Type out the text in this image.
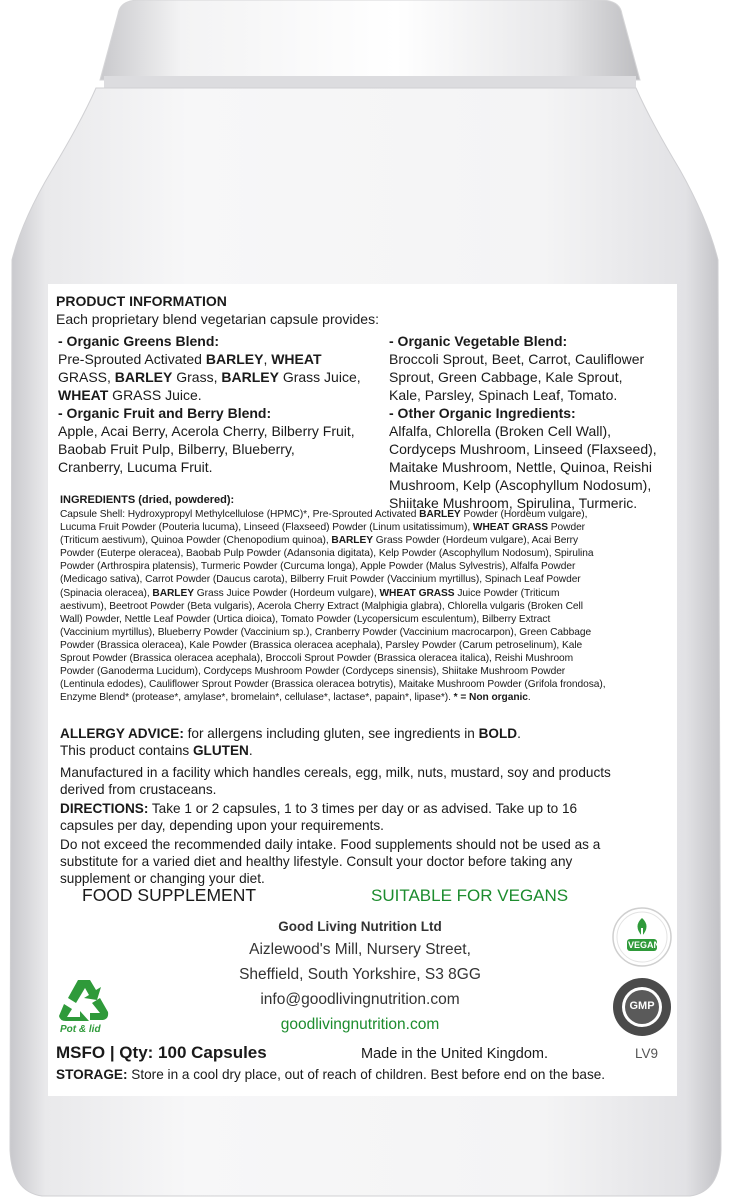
PRODUCT INFORMATION
Each proprietary blend vegetarian capsule provides:
- Organic Greens Blend:
Pre-Sprouted Activated BARLEY, WHEAT
GRASS, BARLEY Grass, BARLEY Grass Juice,
WHEAT GRASS Juice.
- Organic Fruit and Berry Blend:
Apple, Acai Berry, Acerola Cherry, Bilberry Fruit,
Baobab Fruit Pulp, Bilberry, Blueberry,
Cranberry, Lucuma Fruit.
- Organic Vegetable Blend:
Broccoli Sprout, Beet, Carrot, Cauliflower
Sprout, Green Cabbage, Kale Sprout,
Kale, Parsley, Spinach Leaf, Tomato.
- Other Organic Ingredients:
Alfalfa, Chlorella (Broken Cell Wall),
Cordyceps Mushroom, Linseed (Flaxseed),
Maitake Mushroom, Nettle, Quinoa, Reishi
Mushroom, Kelp (Ascophyllum Nodosum),
Shiitake Mushroom, Spirulina, Turmeric.
INGREDIENTS (dried, powdered):
Capsule Shell: Hydroxypropyl Methylcellulose (HPMC)*, Pre-Sprouted Activated BARLEY Powder (Hordeum vulgare),
Lucuma Fruit Powder (Pouteria lucuma), Linseed (Flaxseed) Powder (Linum usitatissimum), WHEAT GRASS Powder
(Triticum aestivum), Quinoa Powder (Chenopodium quinoa), BARLEY Grass Powder (Hordeum vulgare), Acai Berry
Powder (Euterpe oleracea), Baobab Pulp Powder (Adansonia digitata), Kelp Powder (Ascophyllum Nodosum), Spirulina
Powder (Arthrospira platensis), Turmeric Powder (Curcuma longa), Apple Powder (Malus Sylvestris), Alfalfa Powder
(Medicago sativa), Carrot Powder (Daucus carota), Bilberry Fruit Powder (Vaccinium myrtillus), Spinach Leaf Powder
(Spinacia oleracea), BARLEY Grass Juice Powder (Hordeum vulgare), WHEAT GRASS Juice Powder (Triticum
aestivum), Beetroot Powder (Beta vulgaris), Acerola Cherry Extract (Malphigia glabra), Chlorella vulgaris (Broken Cell
Wall) Powder, Nettle Leaf Powder (Urtica dioica), Tomato Powder (Lycopersicum esculentum), Bilberry Extract
(Vaccinium myrtillus), Blueberry Powder (Vaccinium sp.), Cranberry Powder (Vaccinium macrocarpon), Green Cabbage
Powder (Brassica oleracea), Kale Powder (Brassica oleracea acephala), Parsley Powder (Carum petroselinum), Kale
Sprout Powder (Brassica oleracea acephala), Broccoli Sprout Powder (Brassica oleracea italica), Reishi Mushroom
Powder (Ganoderma Lucidum), Cordyceps Mushroom Powder (Cordyceps sinensis), Shiitake Mushroom Powder
(Lentinula edodes), Cauliflower Sprout Powder (Brassica oleracea botrytis), Maitake Mushroom Powder (Grifola frondosa),
Enzyme Blend* (protease*, amylase*, bromelain*, cellulase*, lactase*, papain*, lipase*). * = Non organic.
ALLERGY ADVICE: for allergens including gluten, see ingredients in BOLD.
This product contains GLUTEN.
Manufactured in a facility which handles cereals, egg, milk, nuts, mustard, soy and products
derived from crustaceans.
DIRECTIONS: Take 1 or 2 capsules, 1 to 3 times per day or as advised. Take up to 16
capsules per day, depending upon your requirements.
Do not exceed the recommended daily intake. Food supplements should not be used as a
substitute for a varied diet and healthy lifestyle. Consult your doctor before taking any
supplement or changing your diet.
FOOD SUPPLEMENT	SUITABLE FOR VEGANS
Good Living Nutrition Ltd
Aizlewood's Mill, Nursery Street,
Sheffield, South Yorkshire, S3 8GG
info@goodlivingnutrition.com
goodlivingnutrition.com
Pot & lid
VEGAN
GMP
MSFO | Qty: 100 Capsules	Made in the United Kingdom.	LV9
STORAGE: Store in a cool dry place, out of reach of children. Best before end on the base.
